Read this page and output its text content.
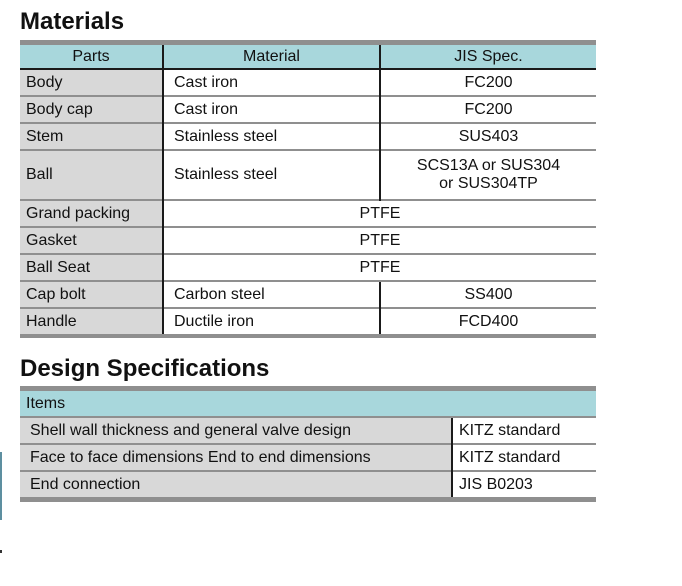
Materials
Parts	Material	JIS Spec.
Body	Cast iron	FC200
Body cap	Cast iron	FC200
Stem	Stainless steel	SUS403
Ball	Stainless steel	SCS13A or SUS304
or SUS304TP

Grand packing	PTFE	
Gasket	PTFE	
Ball Seat	PTFE	
Cap bolt	Carbon steel	SS400
Handle	Ductile iron	FCD400
Design Specifications
Items	
Shell wall thickness and general valve design	KITZ standard
Face to face dimensions End to end dimensions	KITZ standard
End connection	JIS B0203
